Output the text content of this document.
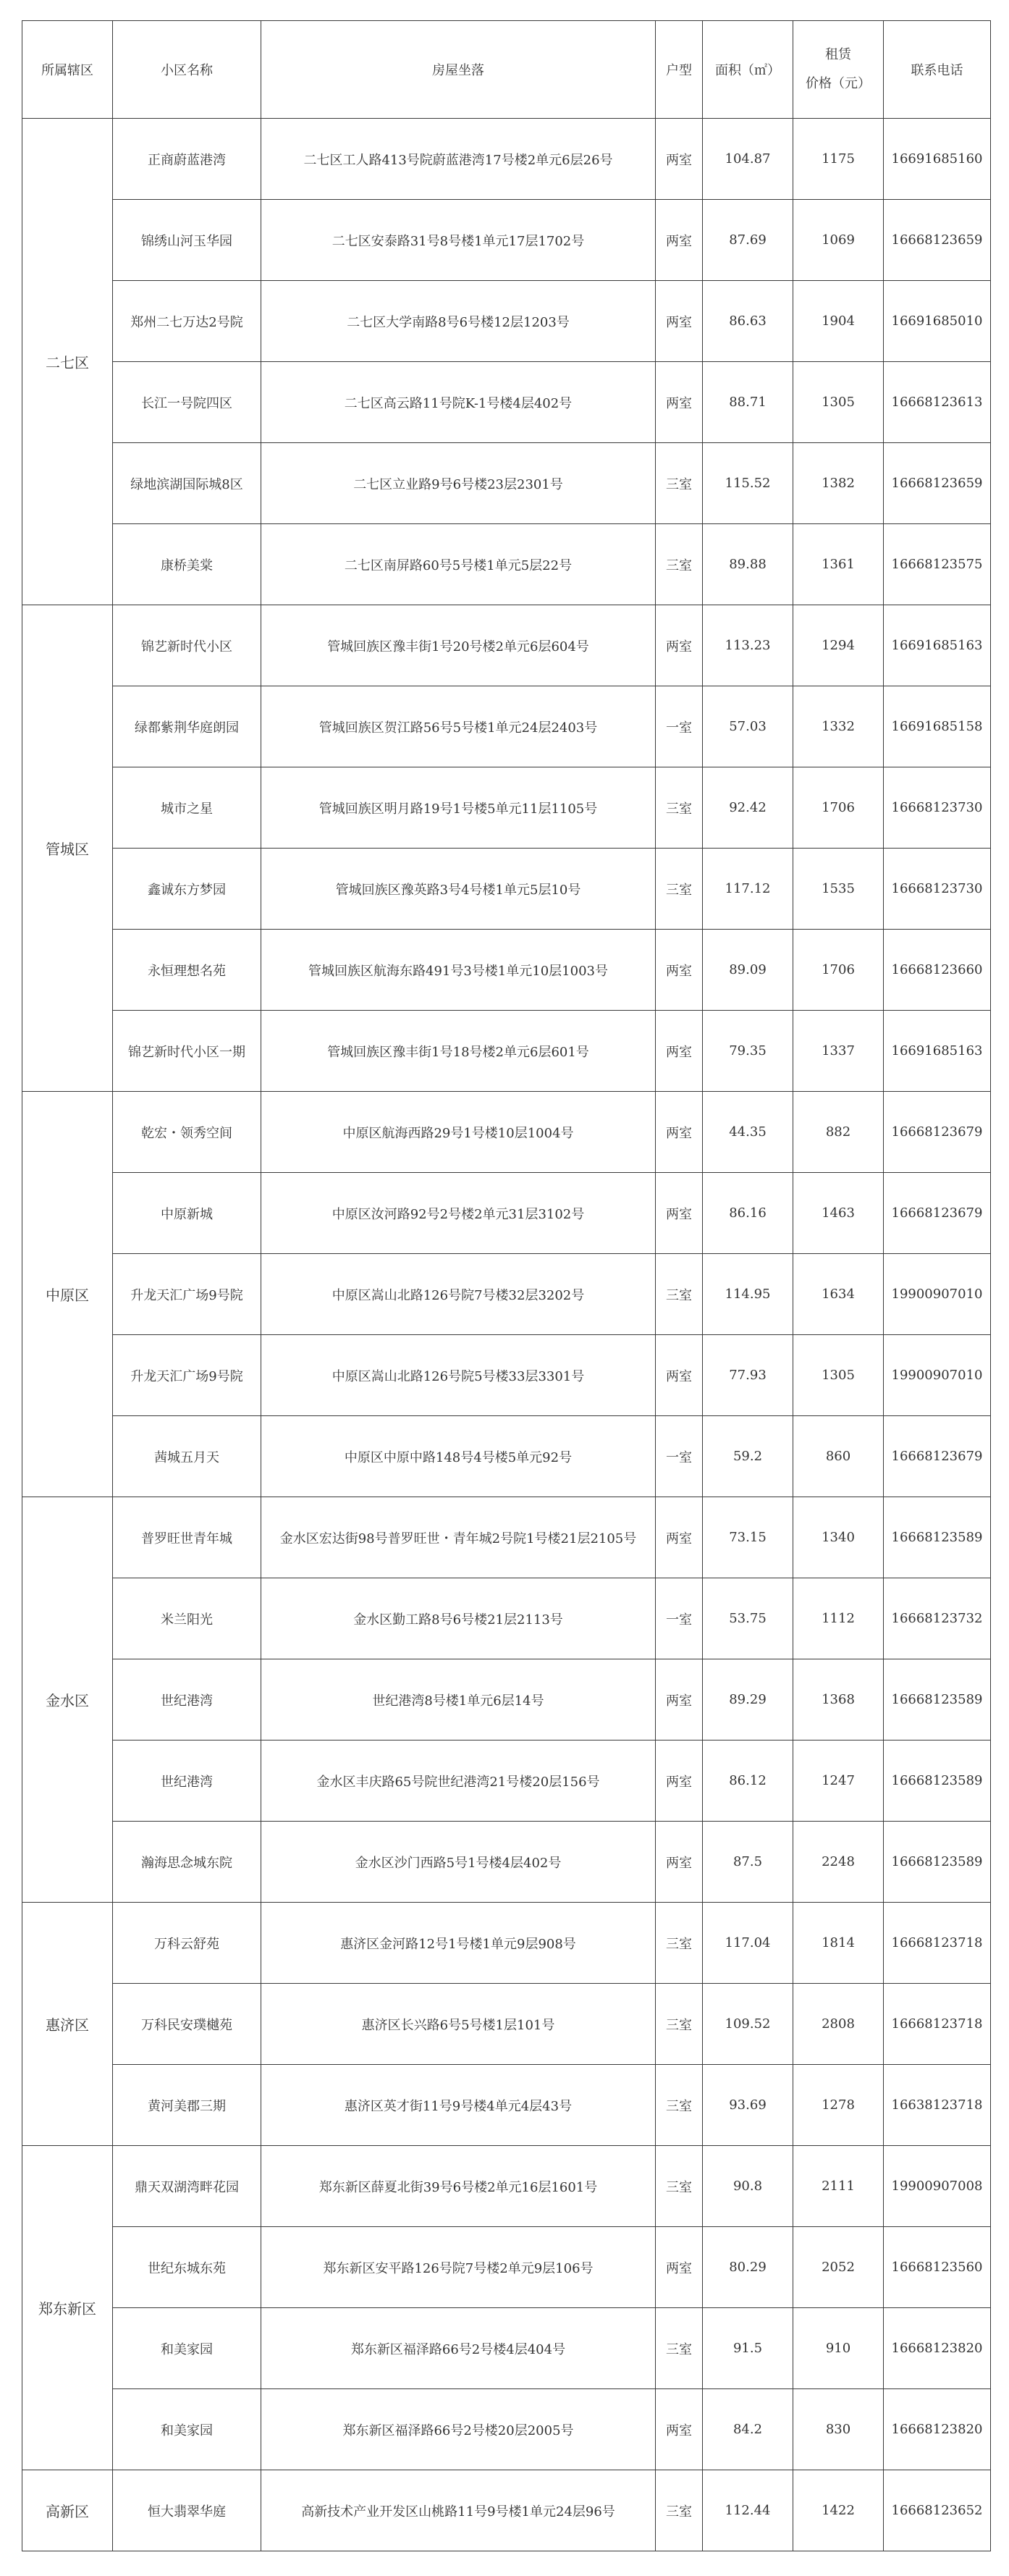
所属辖区	小区名称	房屋坐落	户型	面积（㎡）	租赁
价格（元）	联系电话
二七区	正商蔚蓝港湾	二七区工人路413号院蔚蓝港湾17号楼2单元6层26号	两室	104.87	1175	16691685160
	锦绣山河玉华园	二七区安泰路31号8号楼1单元17层1702号	两室	87.69	1069	16668123659
	郑州二七万达2号院	二七区大学南路8号6号楼12层1203号	两室	86.63	1904	16691685010
	长江一号院四区	二七区高云路11号院K-1号楼4层402号	两室	88.71	1305	16668123613
	绿地滨湖国际城8区	二七区立业路9号6号楼23层2301号	三室	115.52	1382	16668123659
	康桥美棠	二七区南屏路60号5号楼1单元5层22号	三室	89.88	1361	16668123575
管城区	锦艺新时代小区	管城回族区豫丰街1号20号楼2单元6层604号	两室	113.23	1294	16691685163
	绿都紫荆华庭朗园	管城回族区贺江路56号5号楼1单元24层2403号	一室	57.03	1332	16691685158
	城市之星	管城回族区明月路19号1号楼5单元11层1105号	三室	92.42	1706	16668123730
	鑫诚东方梦园	管城回族区豫英路3号4号楼1单元5层10号	三室	117.12	1535	16668123730
	永恒理想名苑	管城回族区航海东路491号3号楼1单元10层1003号	两室	89.09	1706	16668123660
	锦艺新时代小区一期	管城回族区豫丰街1号18号楼2单元6层601号	两室	79.35	1337	16691685163
中原区	乾宏・领秀空间	中原区航海西路29号1号楼10层1004号	两室	44.35	882	16668123679
	中原新城	中原区汝河路92号2号楼2单元31层3102号	两室	86.16	1463	16668123679
	升龙天汇广场9号院	中原区嵩山北路126号院7号楼32层3202号	三室	114.95	1634	19900907010
	升龙天汇广场9号院	中原区嵩山北路126号院5号楼33层3301号	两室	77.93	1305	19900907010
	茜城五月天	中原区中原中路148号4号楼5单元92号	一室	59.2	860	16668123679
金水区	普罗旺世青年城	金水区宏达街98号普罗旺世・青年城2号院1号楼21层2105号	两室	73.15	1340	16668123589
	米兰阳光	金水区勤工路8号6号楼21层2113号	一室	53.75	1112	16668123732
	世纪港湾	世纪港湾8号楼1单元6层14号	两室	89.29	1368	16668123589
	世纪港湾	金水区丰庆路65号院世纪港湾21号楼20层156号	两室	86.12	1247	16668123589
	瀚海思念城东院	金水区沙门西路5号1号楼4层402号	两室	87.5	2248	16668123589
惠济区	万科云舒苑	惠济区金河路12号1号楼1单元9层908号	三室	117.04	1814	16668123718
	万科民安璞樾苑	惠济区长兴路6号5号楼1层101号	三室	109.52	2808	16668123718
	黄河美郡三期	惠济区英才街11号9号楼4单元4层43号	三室	93.69	1278	16638123718
郑东新区	鼎天双湖湾畔花园	郑东新区薛夏北街39号6号楼2单元16层1601号	三室	90.8	2111	19900907008
	世纪东城东苑	郑东新区安平路126号院7号楼2单元9层106号	两室	80.29	2052	16668123560
	和美家园	郑东新区福泽路66号2号楼4层404号	三室	91.5	910	16668123820
	和美家园	郑东新区福泽路66号2号楼20层2005号	两室	84.2	830	16668123820
高新区	恒大翡翠华庭	高新技术产业开发区山桃路11号9号楼1单元24层96号	三室	112.44	1422	16668123652
